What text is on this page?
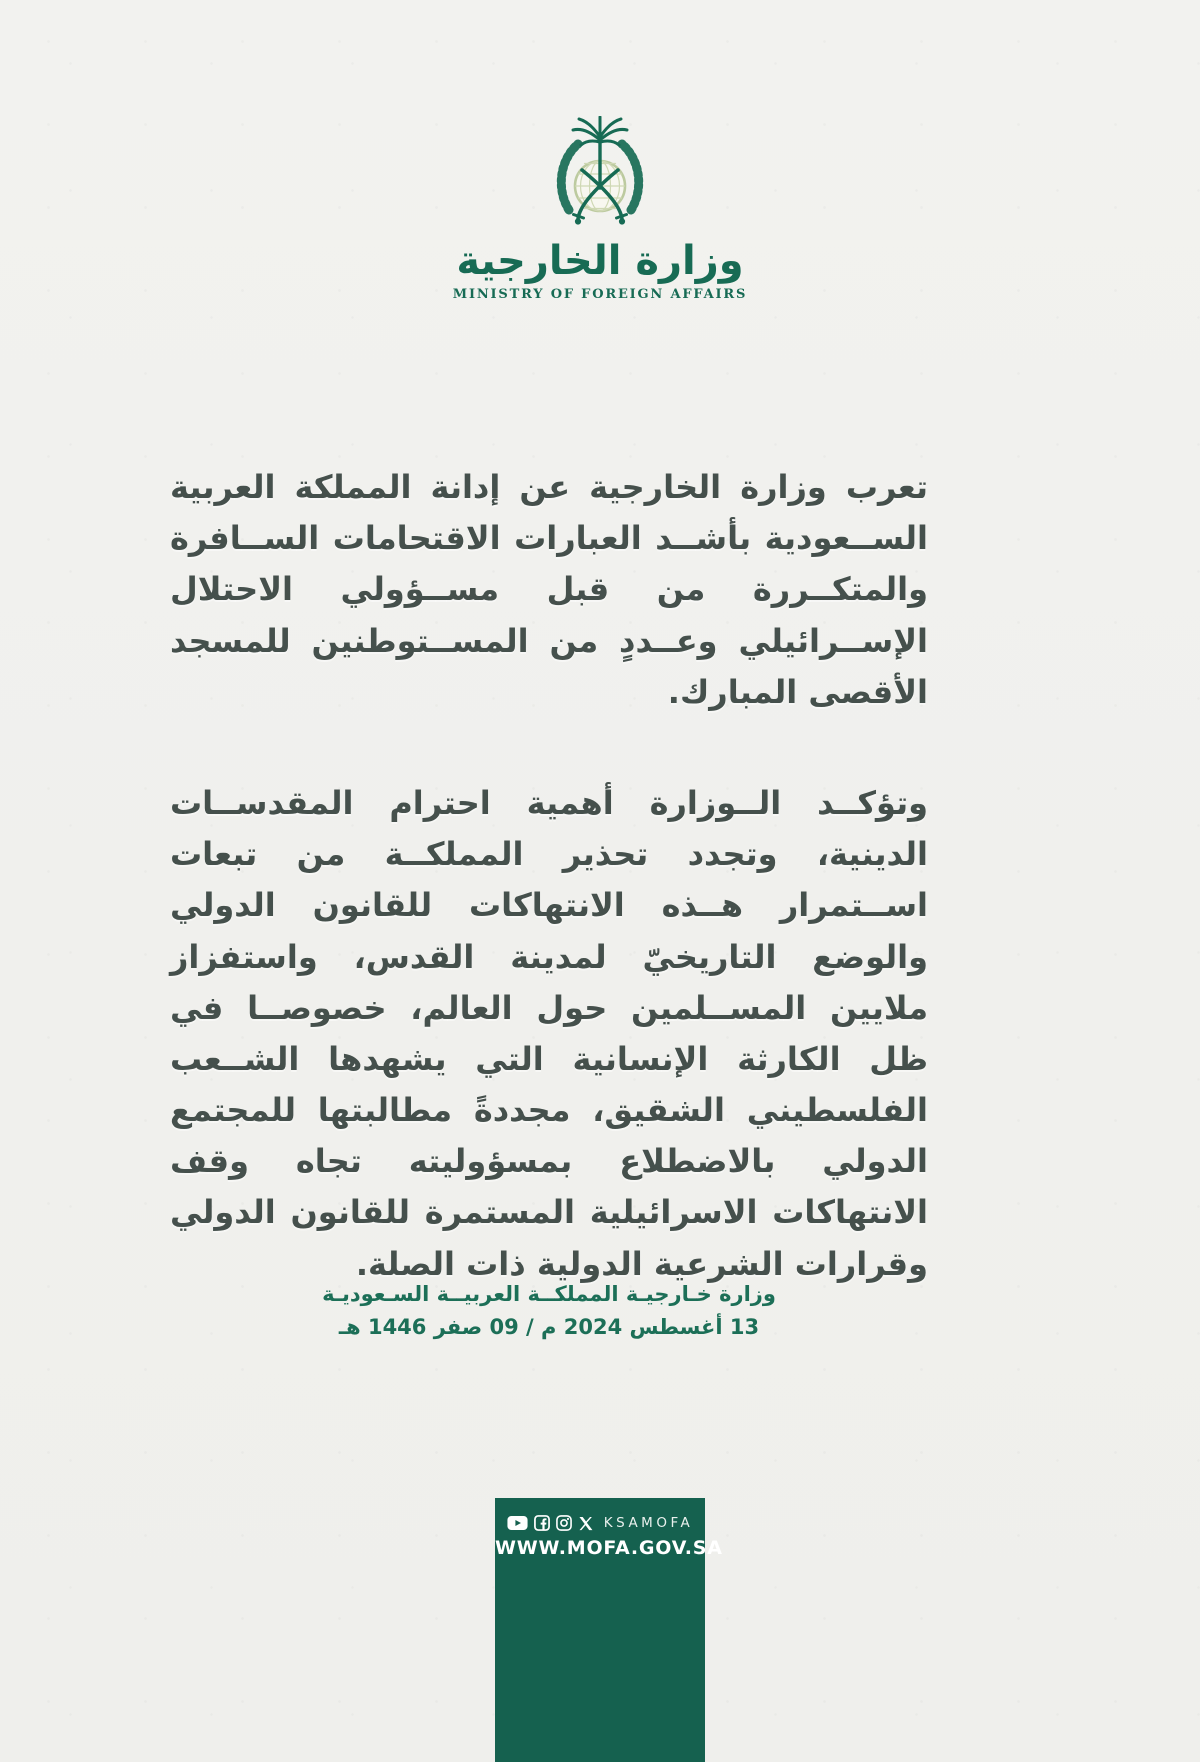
وزارة الخارجية
MINISTRY OF FOREIGN AFFAIRS

تعرب وزارة الخارجية عن إدانة المملكة العربية الســعودية بأشــد العبارات الاقتحامات الســافرة والمتكــررة من قبل مســؤولي الاحتلال الإســرائيلي وعــددٍ من المســتوطنين للمسجد الأقصى المبارك.

وتؤكــد الــوزارة أهمية احترام المقدســات الدينية، وتجدد تحذير المملكــة من تبعات اســتمرار هــذه الانتهاكات للقانون الدولي والوضع التاريخيّ لمدينة القدس، واستفزاز ملايين المســلمين حول العالم، خصوصــا في ظل الكارثة الإنسانية التي يشهدها الشــعب الفلسطيني الشقيق، مجددةً مطالبتها للمجتمع الدولي بالاضطلاع بمسؤوليته تجاه وقف الانتهاكات الاسرائيلية المستمرة للقانون الدولي وقرارات الشرعية الدولية ذات الصلة.

وزارة خـارجيـة المملكــة العربيــة السـعوديـة
13 أغسطس 2024 م / 09 صفر 1446 هـ
KSAMOFA
WWW.MOFA.GOV.SA
